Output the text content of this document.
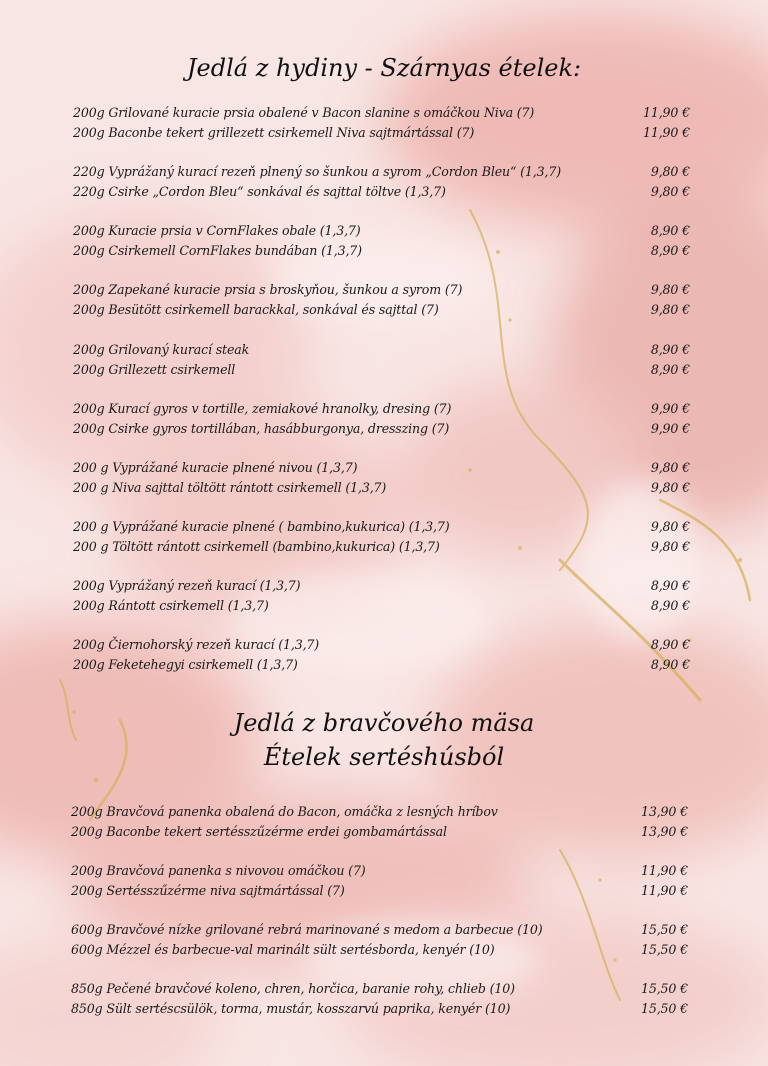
Jedlá z hydiny - Szárnyas ételek:
200g Grilované kuracie prsia obalené v Bacon slanine s omáčkou Niva (7)	11,90 €
200g Baconbe tekert grillezett csirkemell Niva sajtmártással (7)	11,90 €
220g Vyprážaný kurací rezeň plnený so šunkou a syrom „Cordon Bleu“ (1,3,7)	9,80 €
220g Csirke „Cordon Bleu“ sonkával és sajttal töltve (1,3,7)	9,80 €
200g Kuracie prsia v CornFlakes obale (1,3,7)	8,90 €
200g Csirkemell CornFlakes bundában (1,3,7)	8,90 €
200g Zapekané kuracie prsia s broskyňou, šunkou a syrom (7)	9,80 €
200g Besütött csirkemell barackkal, sonkával és sajttal (7)	9,80 €
200g Grilovaný kurací steak	8,90 €
200g Grillezett csirkemell	8,90 €
200g Kurací gyros v tortille, zemiakové hranolky, dresing (7)	9,90 €
200g Csirke gyros tortillában, hasábburgonya, dresszing (7)	9,90 €
200 g Vyprážané kuracie plnené nivou (1,3,7)	9,80 €
200 g Niva sajttal töltött rántott csirkemell (1,3,7)	9,80 €
200 g Vyprážané kuracie plnené ( bambino,kukurica) (1,3,7)	9,80 €
200 g Töltött rántott csirkemell (bambino,kukurica) (1,3,7)	9,80 €
200g Vyprážaný rezeň kurací (1,3,7)	8,90 €
200g Rántott csirkemell (1,3,7)	8,90 €
200g Čiernohorský rezeň kurací (1,3,7)	8,90 €
200g Feketehegyi csirkemell (1,3,7)	8,90 €
Jedlá z bravčového mäsa
Ételek sertéshúsból
200g Bravčová panenka obalená do Bacon, omáčka z lesných hríbov	13,90 €
200g Baconbe tekert sertésszűzérme erdei gombamártással	13,90 €
200g Bravčová panenka s nivovou omáčkou (7)	11,90 €
200g Sertésszűzérme niva sajtmártással (7)	11,90 €
600g Bravčové nízke grilované rebrá marinované s medom a barbecue (10)	15,50 €
600g Mézzel és barbecue-val marinált sült sertésborda, kenyér (10)	15,50 €
850g Pečené bravčové koleno, chren, horčica, baranie rohy, chlieb (10)	15,50 €
850g Sült sertéscsülök, torma, mustár, kosszarvú paprika, kenyér (10)	15,50 €
